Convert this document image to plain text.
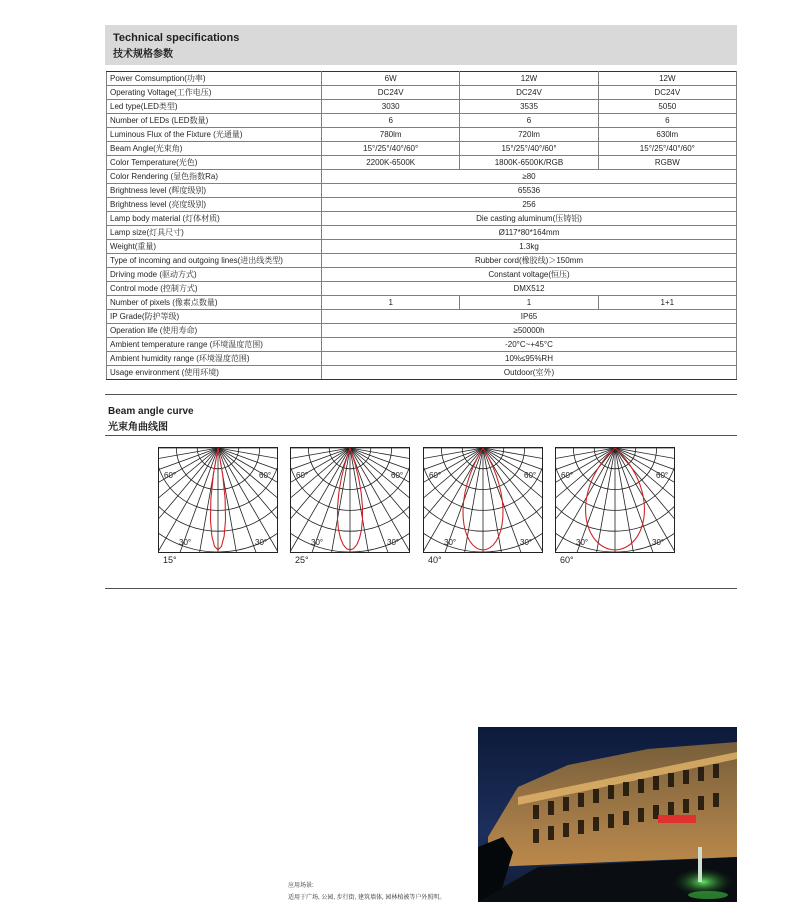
Technical specifications
技术规格参数
Power Comsumption(功率)	6W	12W	12W
Operating Voltage(工作电压)	DC24V	DC24V	DC24V
Led type(LED类型)	3030	3535	5050
Number of LEDs (LED数量)	6	6	6
Luminous Flux of the Fixture (光通量)	780lm	720lm	630lm
Beam Angle(光束角)	15°/25°/40°/60°	15°/25°/40°/60°	15°/25°/40°/60°
Color Temperature(光色)	2200K-6500K	1800K-6500K/RGB	RGBW
Color Rendering (显色指数Ra)	≥80		
Brightness level (辉度级别)	65536		
Brightness level (亮度级别)	256		
Lamp body material (灯体材质)	Die casting aluminum(压铸铝)		
Lamp size(灯具尺寸)	Ø117*80*164mm		
Weight(重量)	1.3kg		
Type of incoming and outgoing lines(进出线类型)	Rubber cord(橡胶线)＞150mm		
Driving mode (驱动方式)	Constant voltage(恒压)		
Control mode (控制方式)	DMX512		
Number of pixels (像素点数量)	1	1	1+1
IP Grade(防护等级)	IP65		
Operation life (使用寿命)	≥50000h		
Ambient temperature range (环境温度范围)	-20°C~+45°C		
Ambient humidity range (环境湿度范围)	10%≤95%RH		
Usage environment (使用环境)	Outdoor(室外)		
Beam angle curve
光束角曲线图
60°	60°
30°	30°
15°
60°	60°
30°	30°
25°
60°	60°
30°	30°
40°
60°	60°
30°	30°
60°
应用场景:
适用于广场, 公园, 步行街, 建筑墙体, 园林植被等户外照明。
